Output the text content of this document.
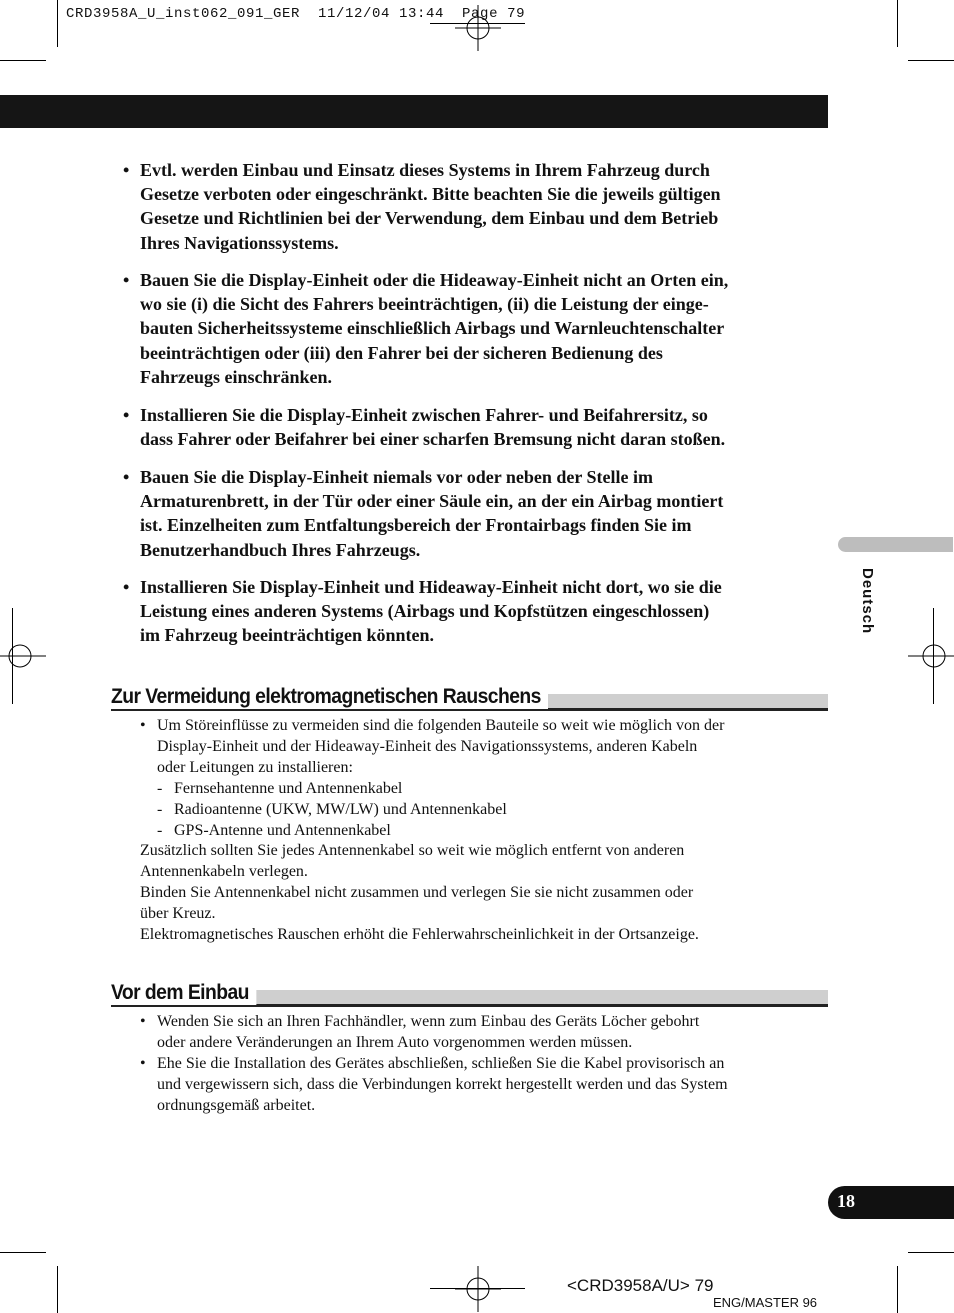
CRD3958A_U_inst062_091_GER  11/12/04 13:44  Page 79
• Evtl. werden Einbau und Einsatz dieses Systems in Ihrem Fahrzeug durch
Gesetze verboten oder eingeschränkt. Bitte beachten Sie die jeweils gültigen
Gesetze und Richtlinien bei der Verwendung, dem Einbau und dem Betrieb
Ihres Navigationssystems.
• Bauen Sie die Display-Einheit oder die Hideaway-Einheit nicht an Orten ein,
wo sie (i) die Sicht des Fahrers beeinträchtigen, (ii) die Leistung der einge-
bauten Sicherheitssysteme einschließlich Airbags und Warnleuchtenschalter
beeinträchtigen oder (iii) den Fahrer bei der sicheren Bedienung des
Fahrzeugs einschränken.
• Installieren Sie die Display-Einheit zwischen Fahrer- und Beifahrersitz, so
dass Fahrer oder Beifahrer bei einer scharfen Bremsung nicht daran stoßen.
• Bauen Sie die Display-Einheit niemals vor oder neben der Stelle im
Armaturenbrett, in der Tür oder einer Säule ein, an der ein Airbag montiert
ist. Einzelheiten zum Entfaltungsbereich der Frontairbags finden Sie im
Benutzerhandbuch Ihres Fahrzeugs.
• Installieren Sie Display-Einheit und Hideaway-Einheit nicht dort, wo sie die
Leistung eines anderen Systems (Airbags und Kopfstützen eingeschlossen)
im Fahrzeug beeinträchtigen könnten.
Zur Vermeidung elektromagnetischen Rauschens
• Um Störeinflüsse zu vermeiden sind die folgenden Bauteile so weit wie möglich von der
Display-Einheit und der Hideaway-Einheit des Navigationssystems, anderen Kabeln
oder Leitungen zu installieren:
- Fernsehantenne und Antennenkabel
- Radioantenne (UKW, MW/LW) und Antennenkabel
- GPS-Antenne und Antennenkabel
Zusätzlich sollten Sie jedes Antennenkabel so weit wie möglich entfernt von anderen
Antennenkabeln verlegen.
Binden Sie Antennenkabel nicht zusammen und verlegen Sie sie nicht zusammen oder
über Kreuz.
Elektromagnetisches Rauschen erhöht die Fehlerwahrscheinlichkeit in der Ortsanzeige.
Vor dem Einbau
• Wenden Sie sich an Ihren Fachhändler, wenn zum Einbau des Geräts Löcher gebohrt
oder andere Veränderungen an Ihrem Auto vorgenommen werden müssen.
• Ehe Sie die Installation des Gerätes abschließen, schließen Sie die Kabel provisorisch an
und vergewissern sich, dass die Verbindungen korrekt hergestellt werden und das System
ordnungsgemäß arbeitet.
Deutsch
18
<CRD3958A/U> 79
ENG/MASTER 96
